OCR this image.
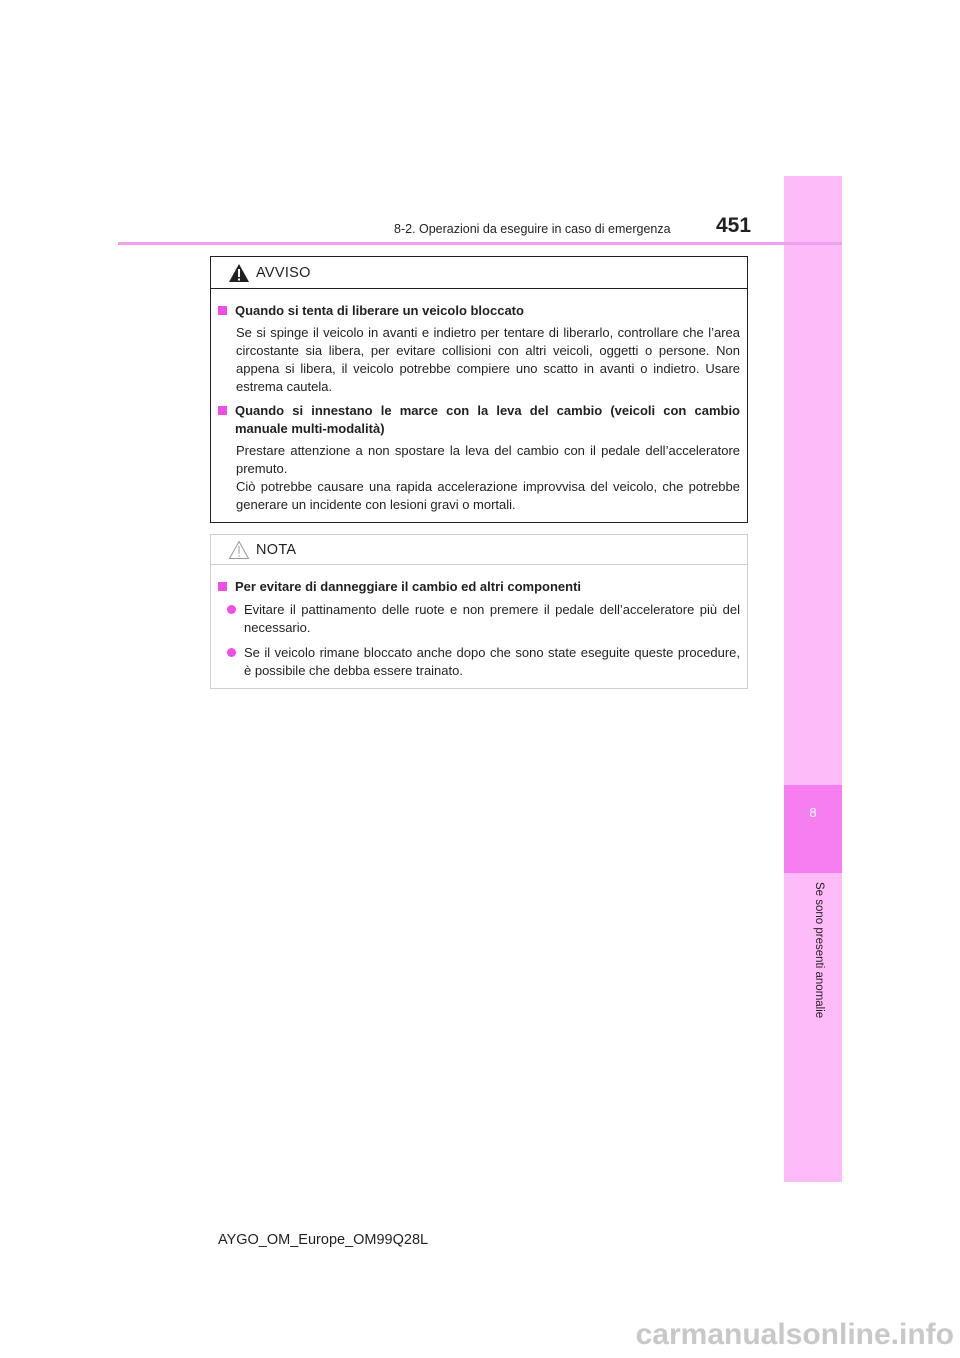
8
Se sono presenti anomalie
8-2. Operazioni da eseguire in caso di emergenza 451
AVVISO
Quando si tenta di liberare un veicolo bloccato
Se si spinge il veicolo in avanti e indietro per tentare di liberarlo, controllare che l’area circostante sia libera, per evitare collisioni con altri veicoli, oggetti o persone. Non appena si libera, il veicolo potrebbe compiere uno scatto in avanti o indietro. Usare estrema cautela.
Quando si innestano le marce con la leva del cambio (veicoli con cambio manuale multi-modalità)
Prestare attenzione a non spostare la leva del cambio con il pedale dell’acceleratore premuto.
Ciò potrebbe causare una rapida accelerazione improvvisa del veicolo, che potrebbe generare un incidente con lesioni gravi o mortali.
NOTA
Per evitare di danneggiare il cambio ed altri componenti
Evitare il pattinamento delle ruote e non premere il pedale dell’acceleratore più del necessario.
Se il veicolo rimane bloccato anche dopo che sono state eseguite queste procedure, è possibile che debba essere trainato.
AYGO_OM_Europe_OM99Q28L
carmanualsonline.info
